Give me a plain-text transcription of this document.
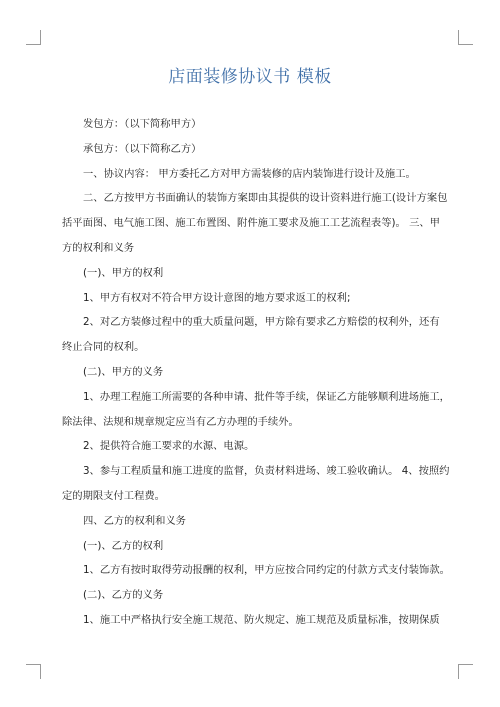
店面装修协议书 模板

发包方：（以下简称甲方）

承包方：（以下简称乙方）

一、协议内容： 甲方委托乙方对甲方需装修的店内装饰进行设计及施工。

二、乙方按甲方书面确认的装饰方案即由其提供的设计资料进行施工(设计方案包

括平面图、电气施工图、施工布置图、附件施工要求及施工工艺流程表等)。 三、甲

方的权利和义务

(一)、甲方的权利

1、甲方有权对不符合甲方设计意图的地方要求返工的权利;

2、对乙方装修过程中的重大质量问题，甲方除有要求乙方赔偿的权利外，还有

终止合同的权利。

(二)、甲方的义务

1、办理工程施工所需要的各种申请、批件等手续，保证乙方能够顺利进场施工，

除法律、法规和规章规定应当有乙方办理的手续外。

2、提供符合施工要求的水源、电源。

3、参与工程质量和施工进度的监督，负责材料进场、竣工验收确认。 4、按照约

定的期限支付工程费。

四、乙方的权利和义务

(一)、乙方的权利

1、乙方有按时取得劳动报酬的权利，甲方应按合同约定的付款方式支付装饰款。

(二)、乙方的义务

1、施工中严格执行安全施工规范、防火规定、施工规范及质量标准，按期保质
